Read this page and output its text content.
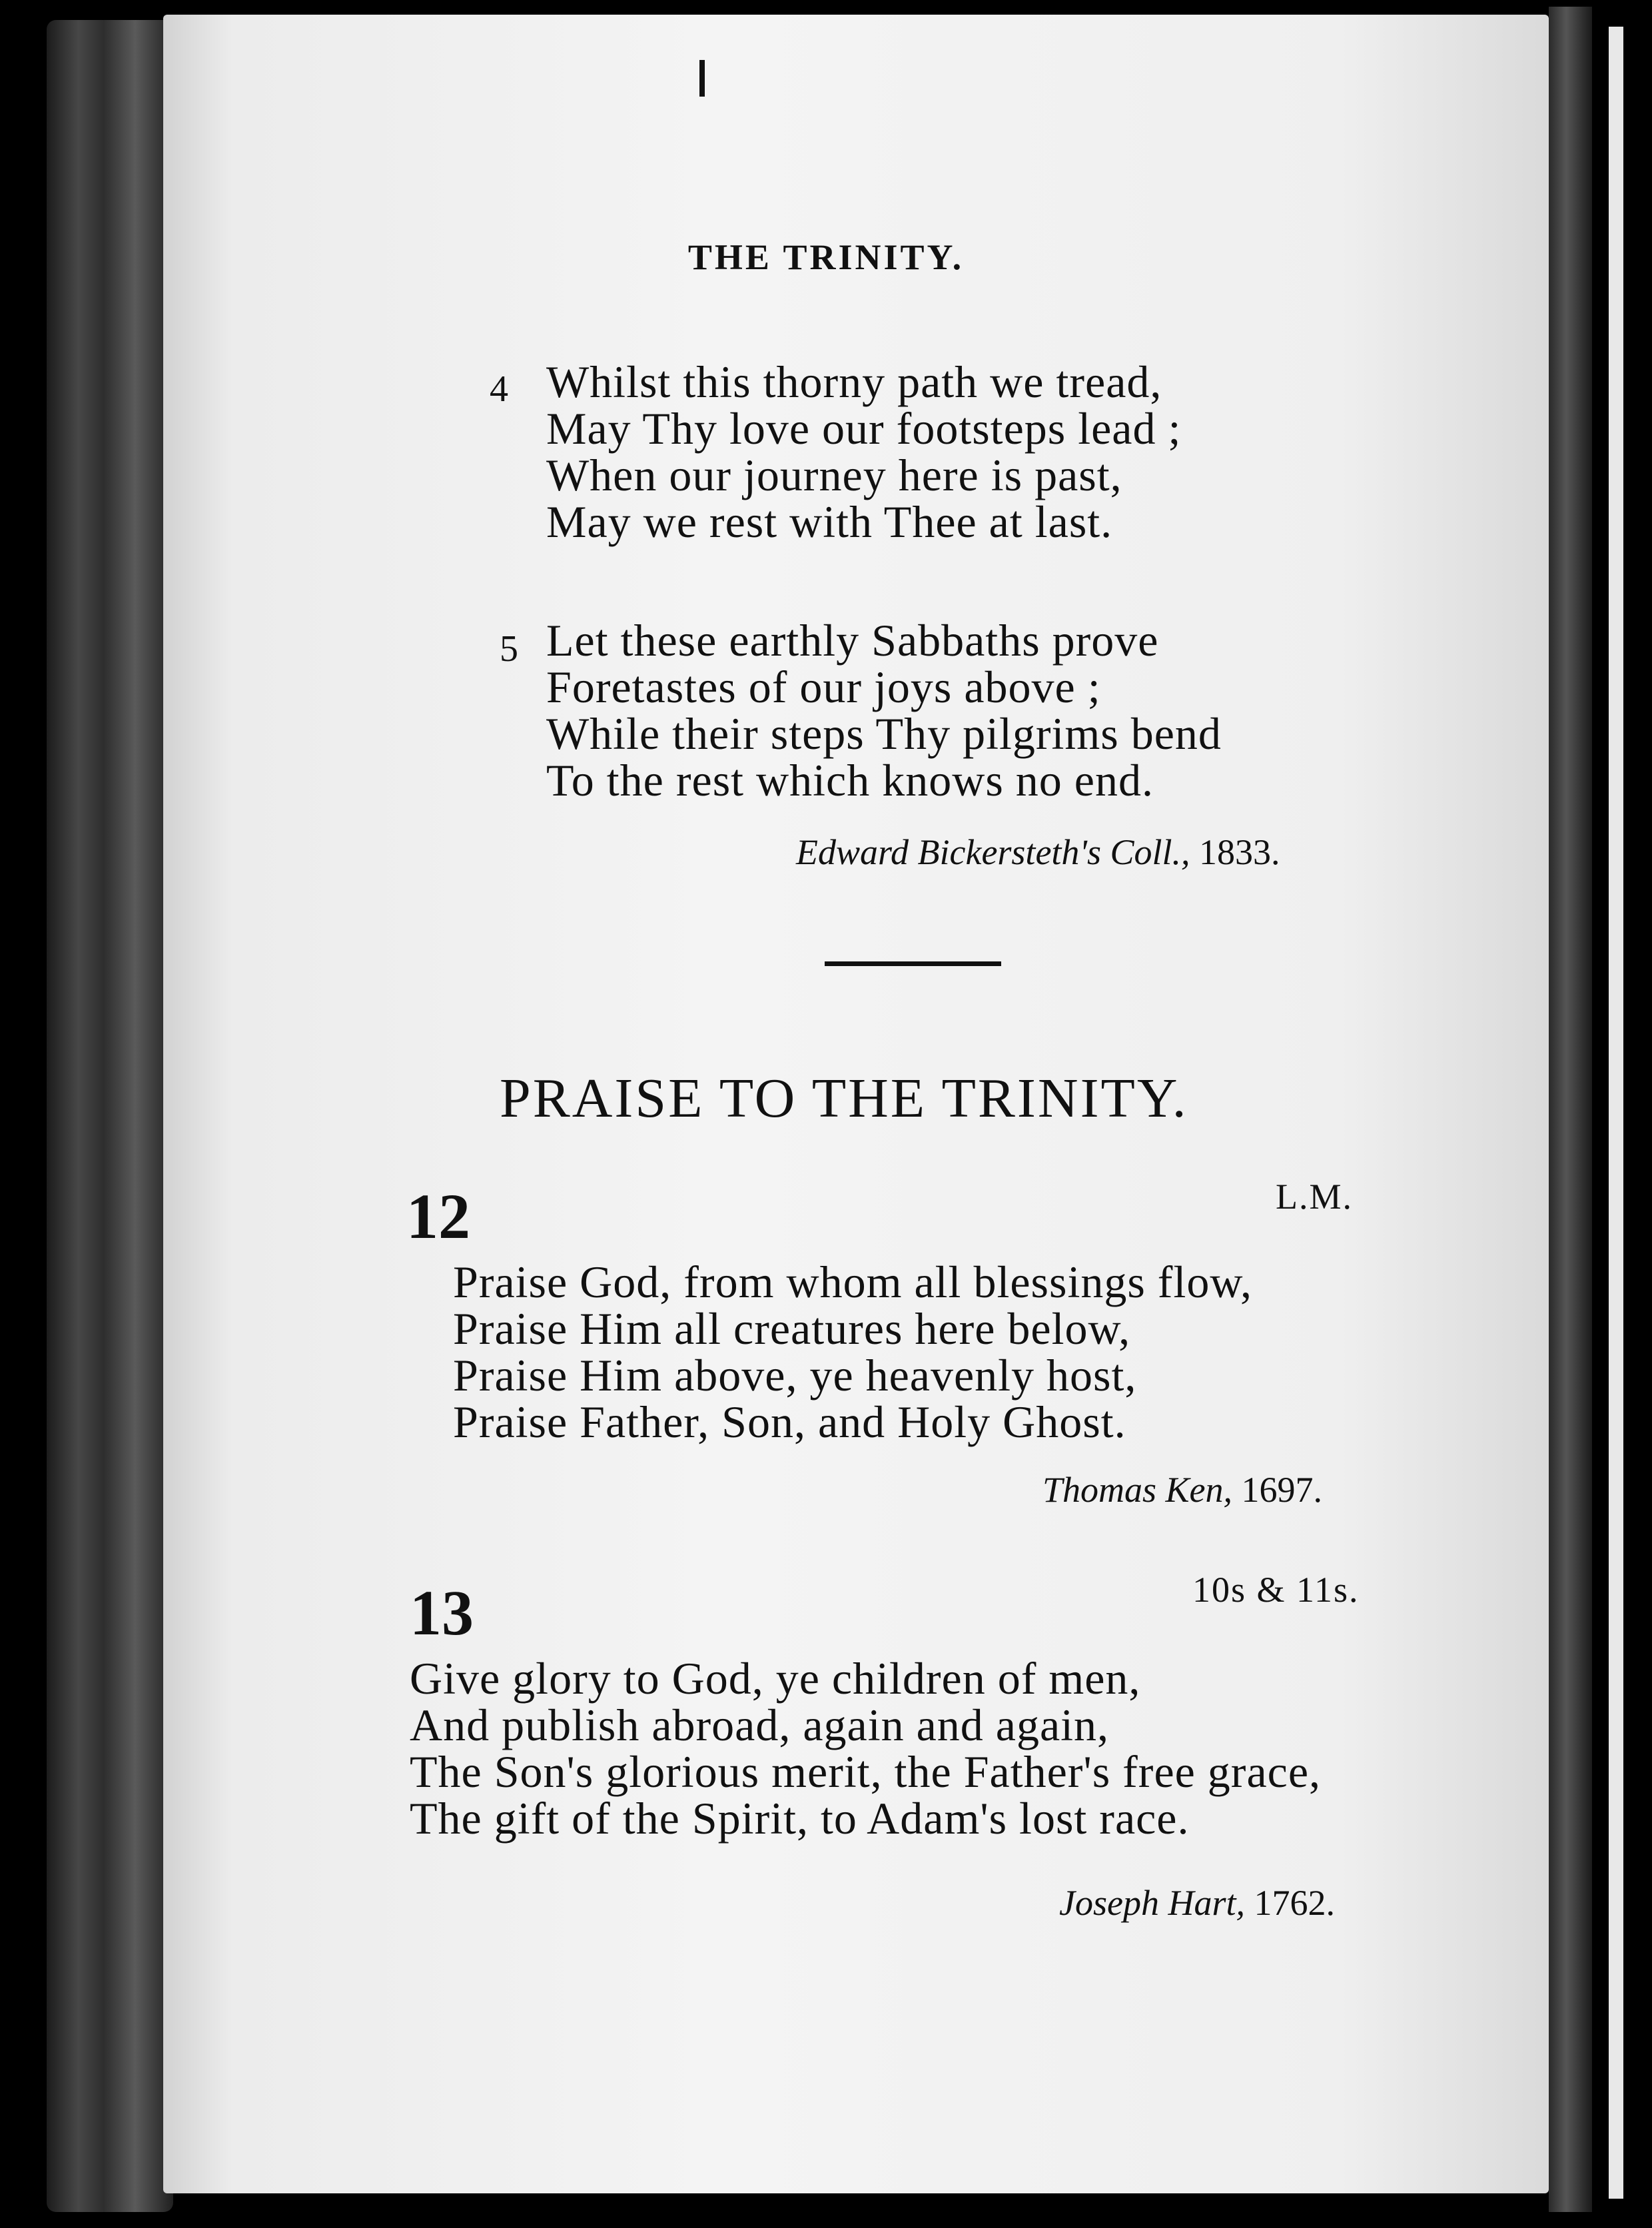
THE TRINITY.
4 Whilst this thorny path we tread,
May Thy love our footsteps lead ;
When our journey here is past,
May we rest with Thee at last.
5 Let these earthly Sabbaths prove
Foretastes of our joys above ;
While their steps Thy pilgrims bend
To the rest which knows no end.
Edward Bickersteth's Coll., 1833.
PRAISE TO THE TRINITY.
12	L.M.
Praise God, from whom all blessings flow,
Praise Him all creatures here below,
Praise Him above, ye heavenly host,
Praise Father, Son, and Holy Ghost.
Thomas Ken, 1697.
13	10s & 11s.
Give glory to God, ye children of men,
And publish abroad, again and again,
The Son's glorious merit, the Father's free grace,
The gift of the Spirit, to Adam's lost race.
Joseph Hart, 1762.
